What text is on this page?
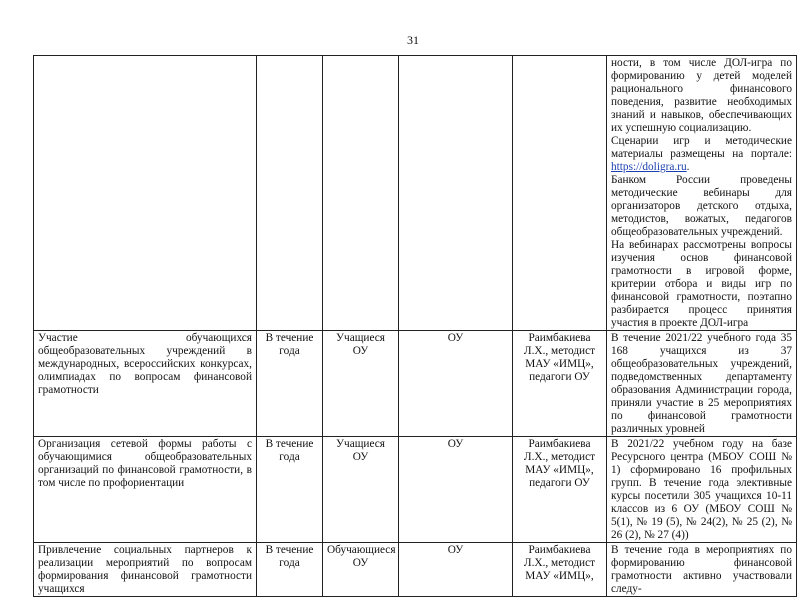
31

					ности, в том числе ДОЛ-игра по формированию у детей моделей рационального финансового поведения, развитие необходимых знаний и навыков, обеспечивающих их успешную социализацию.
Сценарии игр и методические материалы размещены на портале: https://doligra.ru.
Банком России проведены методические вебинары для организаторов детского отдыха, методистов, вожатых, педагогов общеобразовательных учреждений.
На вебинарах рассмотрены вопросы изучения основ финансовой грамотности в игровой форме, критерии отбора и виды игр по финансовой грамотности, поэтапно разбирается процесс принятия участия в проекте ДОЛ-игра

Участие обучающихся общеобразовательных учреждений в международных, всероссийских конкурсах, олимпиадах по вопросам финансовой грамотности	В течение года	Учащиеся ОУ	ОУ	Раимбакиева Л.Х., методист МАУ «ИМЦ», педагоги ОУ	В течение 2021/22 учебного года 35 168 учащихся из 37 общеобразовательных учреждений, подведомственных департаменту образования Администрации города, приняли участие в 25 мероприятиях по финансовой грамотности различных уровней
Организация сетевой формы работы с обучающимися общеобразовательных организаций по финансовой грамотности, в том числе по профориентации	В течение года	Учащиеся ОУ	ОУ	Раимбакиева Л.Х., методист МАУ «ИМЦ», педагоги ОУ	В 2021/22 учебном году на базе Ресурсного центра (МБОУ СОШ № 1) сформировано 16 профильных групп. В течение года элективные курсы посетили 305 учащихся 10-11 классов из 6 ОУ (МБОУ СОШ № 5(1), № 19 (5), № 24(2), № 25 (2), № 26 (2), № 27 (4))
Привлечение социальных партнеров к реализации мероприятий по вопросам формирования финансовой грамотности учащихся	В течение года	Обучающиеся ОУ	ОУ	Раимбакиева Л.Х., методист МАУ «ИМЦ»,	В течение года в мероприятиях по формированию финансовой грамотности активно участвовали следу-
